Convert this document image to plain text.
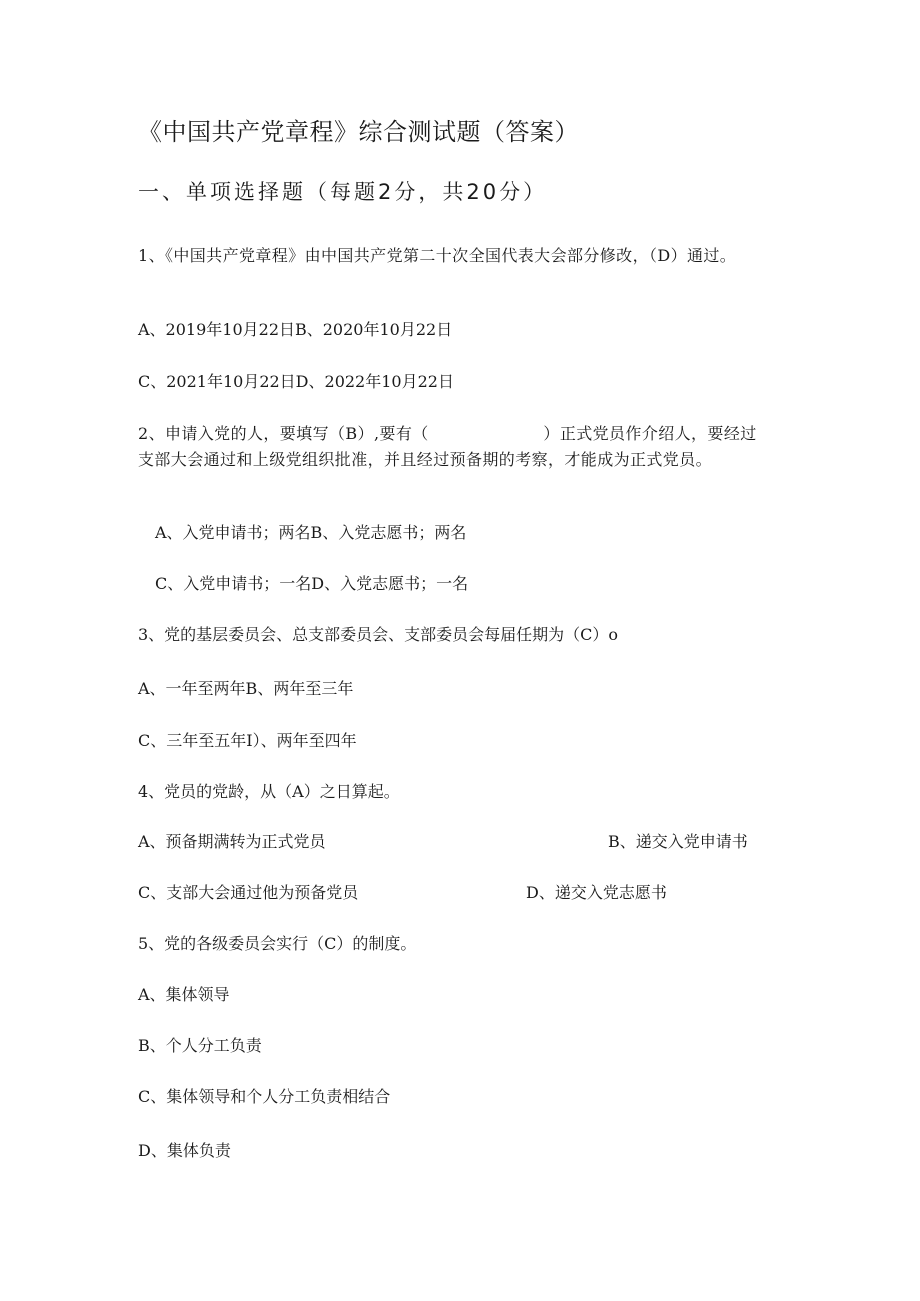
《中国共产党章程》综合测试题（答案）
一、单项选择题（每题2分，共20分）
1、《中国共产党章程》由中国共产党第二十次全国代表大会部分修改，（D）通过。
A、2019年10月22日B、2020年10月22日
C、2021年10月22日D、2022年10月22日
2、申请入党的人，要填写（B）,要有（　　　　　　　）正式党员作介绍人，要经过支部大会通过和上级党组织批准，并且经过预备期的考察，才能成为正式党员。
A、入党申请书；两名B、入党志愿书；两名
C、入党申请书；一名D、入党志愿书；一名
3、党的基层委员会、总支部委员会、支部委员会每届任期为（C）o
A、一年至两年B、两年至三年
C、三年至五年I）、两年至四年
4、党员的党龄，从（A）之日算起。
A、预备期满转为正式党员	B、递交入党申请书
C、支部大会通过他为预备党员	D、递交入党志愿书
5、党的各级委员会实行（C）的制度。
A、集体领导
B、个人分工负责
C、集体领导和个人分工负责相结合
D、集体负责
